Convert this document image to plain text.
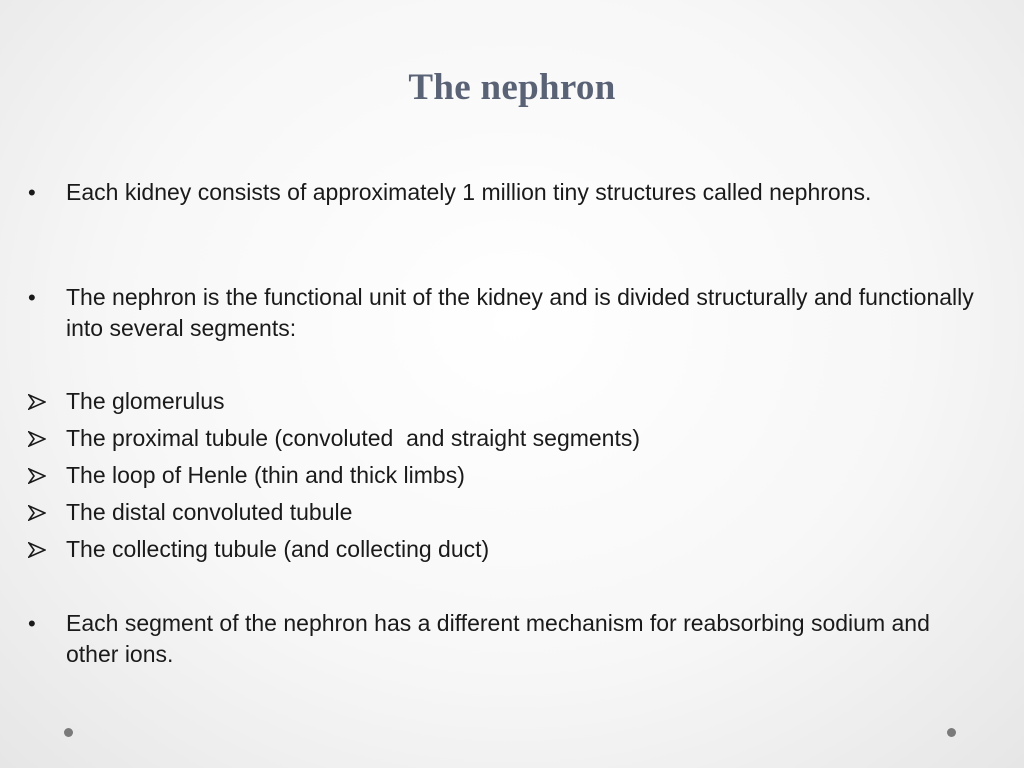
The nephron
• Each kidney consists of approximately 1 million tiny structures called nephrons.
• The nephron is the functional unit of the kidney and is divided structurally and functionally into several segments:
The glomerulus
The proximal tubule (convoluted  and straight segments)
The loop of Henle (thin and thick limbs)
The distal convoluted tubule
The collecting tubule (and collecting duct)
• Each segment of the nephron has a different mechanism for reabsorbing sodium and other ions.
